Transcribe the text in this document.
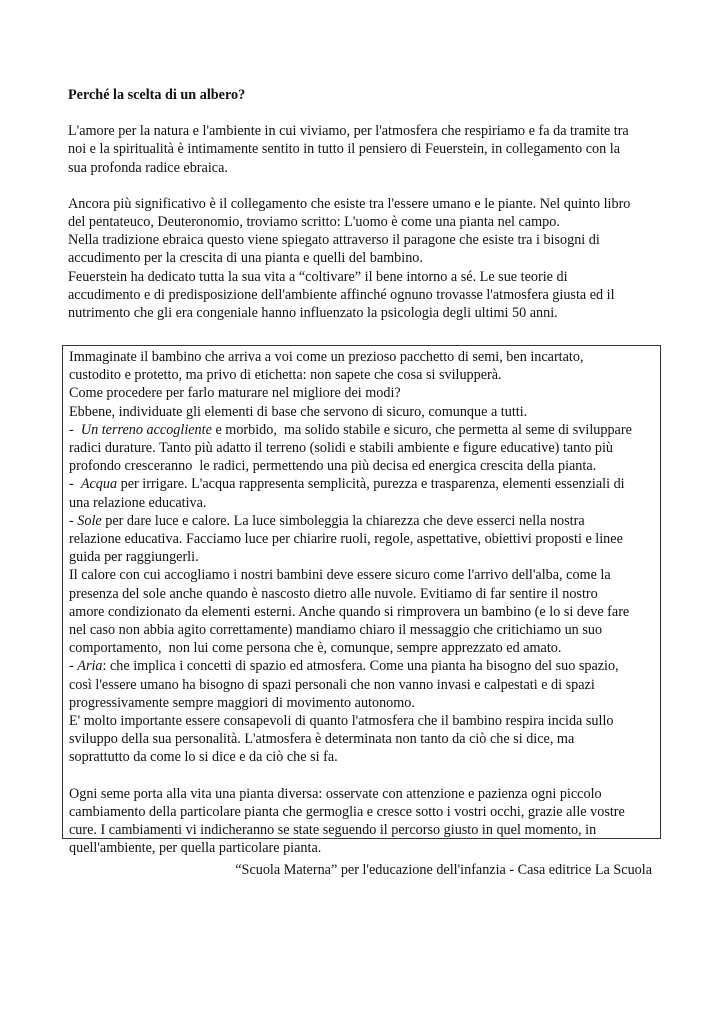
Perché la scelta di un albero?
L'amore per la natura e l'ambiente in cui viviamo, per l'atmosfera che respiriamo e fa da tramite tra
noi e la spiritualità è intimamente sentito in tutto il pensiero di Feuerstein, in collegamento con la
sua profonda radice ebraica.
Ancora più significativo è il collegamento che esiste tra l'essere umano e le piante. Nel quinto libro
del pentateuco, Deuteronomio, troviamo scritto: L'uomo è come una pianta nel campo.
Nella tradizione ebraica questo viene spiegato attraverso il paragone che esiste tra i bisogni di
accudimento per la crescita di una pianta e quelli del bambino.
Feuerstein ha dedicato tutta la sua vita a “coltivare” il bene intorno a sé. Le sue teorie di
accudimento e di predisposizione dell'ambiente affinché ognuno trovasse l'atmosfera giusta ed il
nutrimento che gli era congeniale hanno influenzato la psicologia degli ultimi 50 anni.
Immaginate il bambino che arriva a voi come un prezioso pacchetto di semi, ben incartato,
custodito e protetto, ma privo di etichetta: non sapete che cosa si svilupperà.
Come procedere per farlo maturare nel migliore dei modi?
Ebbene, individuate gli elementi di base che servono di sicuro, comunque a tutti.
-  Un terreno accogliente e morbido,  ma solido stabile e sicuro, che permetta al seme di sviluppare
radici durature. Tanto più adatto il terreno (solidi e stabili ambiente e figure educative) tanto più
profondo cresceranno  le radici, permettendo una più decisa ed energica crescita della pianta.
-  Acqua per irrigare. L'acqua rappresenta semplicità, purezza e trasparenza, elementi essenziali di
una relazione educativa.
- Sole per dare luce e calore. La luce simboleggia la chiarezza che deve esserci nella nostra
relazione educativa. Facciamo luce per chiarire ruoli, regole, aspettative, obiettivi proposti e linee
guida per raggiungerli.
Il calore con cui accogliamo i nostri bambini deve essere sicuro come l'arrivo dell'alba, come la
presenza del sole anche quando è nascosto dietro alle nuvole. Evitiamo di far sentire il nostro
amore condizionato da elementi esterni. Anche quando si rimprovera un bambino (e lo si deve fare
nel caso non abbia agito correttamente) mandiamo chiaro il messaggio che critichiamo un suo
comportamento,  non lui come persona che è, comunque, sempre apprezzato ed amato.
- Aria: che implica i concetti di spazio ed atmosfera. Come una pianta ha bisogno del suo spazio,
così l'essere umano ha bisogno di spazi personali che non vanno invasi e calpestati e di spazi
progressivamente sempre maggiori di movimento autonomo.
E' molto importante essere consapevoli di quanto l'atmosfera che il bambino respira incida sullo
sviluppo della sua personalità. L'atmosfera è determinata non tanto da ciò che si dice, ma
soprattutto da come lo si dice e da ciò che si fa.
Ogni seme porta alla vita una pianta diversa: osservate con attenzione e pazienza ogni piccolo
cambiamento della particolare pianta che germoglia e cresce sotto i vostri occhi, grazie alle vostre
cure. I cambiamenti vi indicheranno se state seguendo il percorso giusto in quel momento, in
quell'ambiente, per quella particolare pianta.
“Scuola Materna” per l'educazione dell'infanzia - Casa editrice La Scuola
